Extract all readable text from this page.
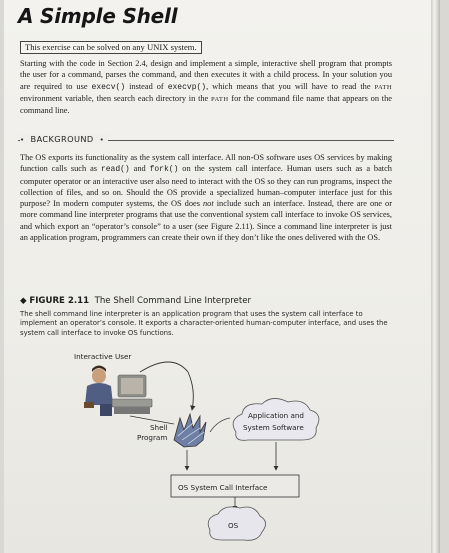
A Simple Shell
This exercise can be solved on any UNIX system.
Starting with the code in Section 2.4, design and implement a simple, interactive shell program that prompts the user for a command, parses the command, and then executes it with a child process. In your solution you are required to use execv() instead of execvp(), which means that you will have to read the PATH environment variable, then search each directory in the PATH for the command file name that appears on the command line.
• BACKGROUND •
The OS exports its functionality as the system call interface. All non-OS software uses OS services by making function calls such as read() and fork() on the system call interface. Human users such as a batch computer operator or an interactive user also need to interact with the OS so they can run programs, inspect the collection of files, and so on. Should the OS provide a specialized human–computer interface just for this purpose? In modern computer systems, the OS does not include such an interface. Instead, there are one or more command line interpreter programs that use the conventional system call interface to invoke OS services, and which export an “operator’s console” to a user (see Figure 2.11). Since a command line interpreter is just an application program, programmers can create their own if they don’t like the ones delivered with the OS.
◆ FIGURE 2.11 The Shell Command Line Interpreter
The shell command line interpreter is an application program that uses the system call interface to implement an operator’s console. It exports a character-oriented human-computer interface, and uses the system call interface to invoke OS functions.
Interactive User
Shell
Program
Application and
System Software
OS System Call Interface
OS
